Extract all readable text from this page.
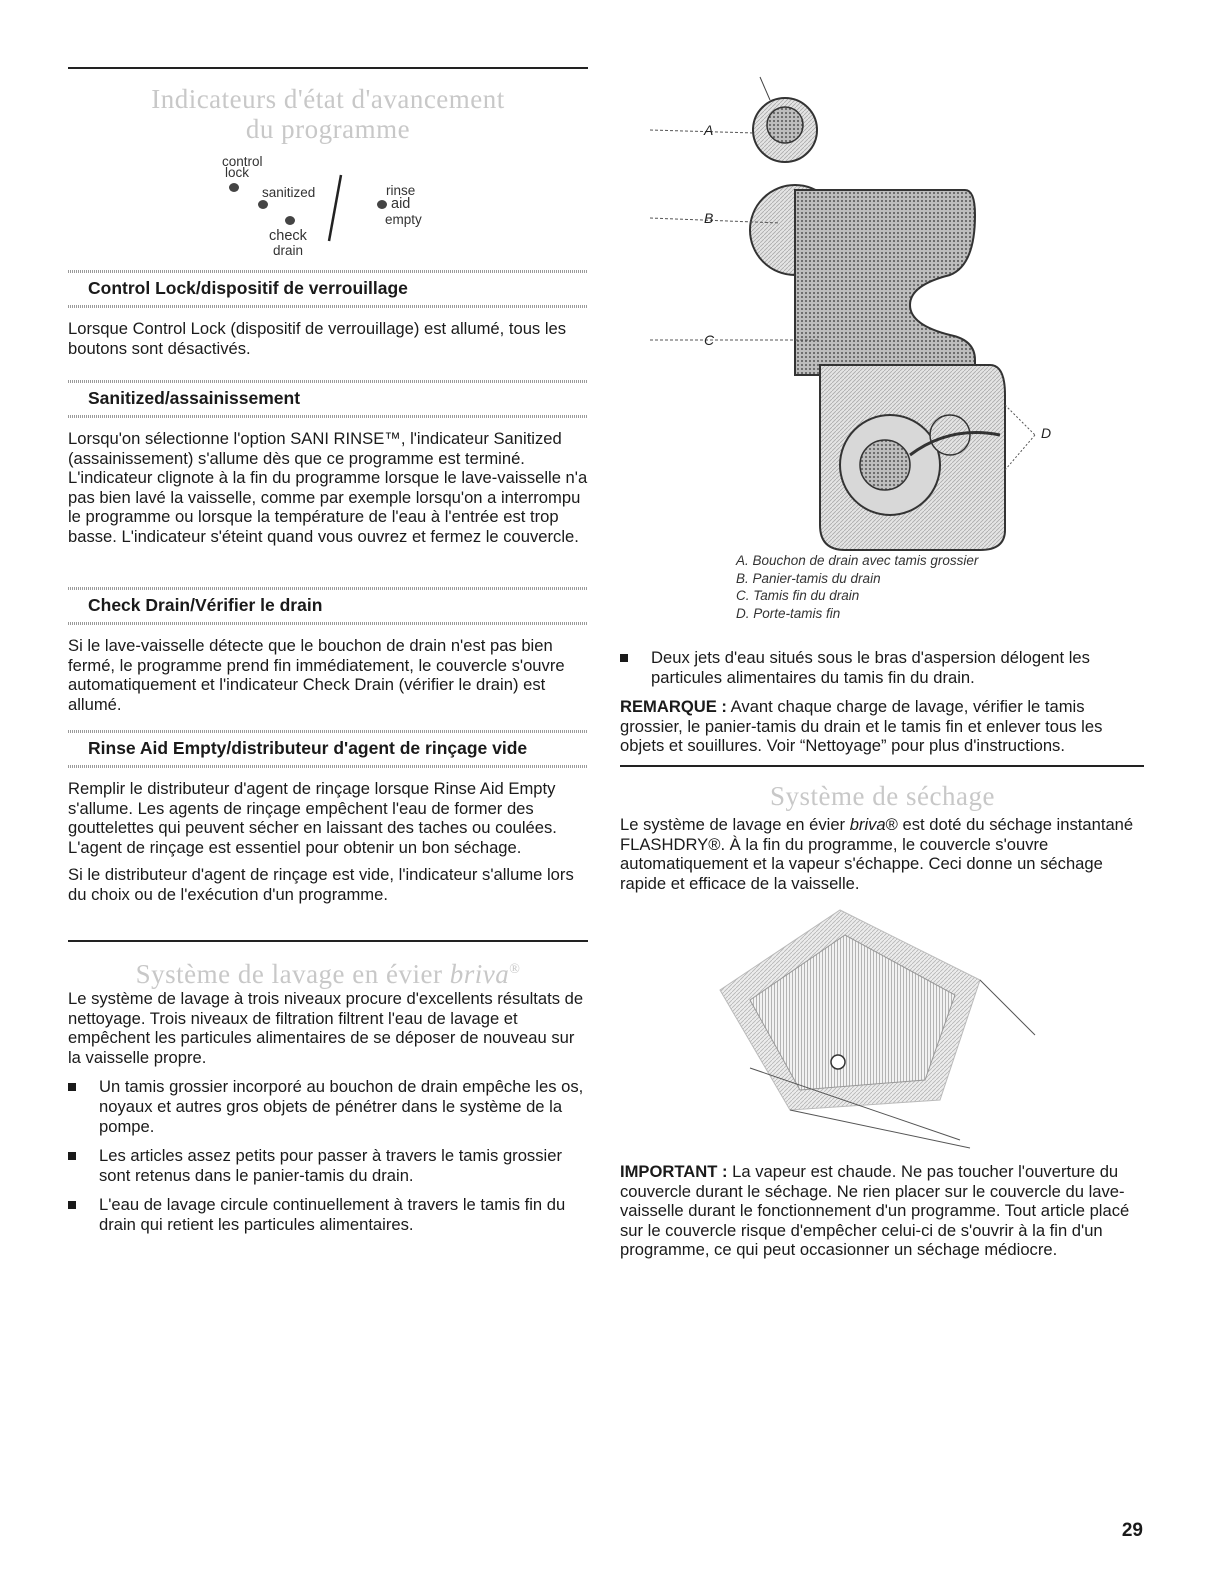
Indicateurs d'état d'avancement
du programme
control
lock
sanitized
check
drain
rinse
aid
empty
Control Lock/dispositif de verrouillage

Lorsque Control Lock (dispositif de verrouillage) est allumé, tous les boutons sont désactivés.

Sanitized/assainissement

Lorsqu'on sélectionne l'option SANI RINSE™, l'indicateur Sanitized (assainissement) s'allume dès que ce programme est terminé. L'indicateur clignote à la fin du programme lorsque le lave-vaisselle n'a pas bien lavé la vaisselle, comme par exemple lorsqu'on a interrompu le programme ou lorsque la température de l'eau à l'entrée est trop basse. L'indicateur s'éteint quand vous ouvrez et fermez le couvercle.

Check Drain/Vérifier le drain

Si le lave-vaisselle détecte que le bouchon de drain n'est pas bien fermé, le programme prend fin immédiatement, le couvercle s'ouvre automatiquement et l'indicateur Check Drain (vérifier le drain) est allumé.

Rinse Aid Empty/distributeur d'agent de rinçage vide

Remplir le distributeur d'agent de rinçage lorsque Rinse Aid Empty s'allume. Les agents de rinçage empêchent l'eau de former des gouttelettes qui peuvent sécher en laissant des taches ou coulées. L'agent de rinçage est essentiel pour obtenir un bon séchage.

Si le distributeur d'agent de rinçage est vide, l'indicateur s'allume lors du choix ou de l'exécution d'un programme.

Système de lavage en évier briva®

Le système de lavage à trois niveaux procure d'excellents résultats de nettoyage. Trois niveaux de filtration filtrent l'eau de lavage et empêchent les particules alimentaires de se déposer de nouveau sur la vaisselle propre.

Un tamis grossier incorporé au bouchon de drain empêche les os, noyaux et autres gros objets de pénétrer dans le système de la pompe.
Les articles assez petits pour passer à travers le tamis grossier sont retenus dans le panier-tamis du drain.
L'eau de lavage circule continuellement à travers le tamis fin du drain qui retient les particules alimentaires.
A
B
C
D
A. Bouchon de drain avec tamis grossier
B. Panier-tamis du drain
C. Tamis fin du drain
D. Porte-tamis fin
Deux jets d'eau situés sous le bras d'aspersion délogent les particules alimentaires du tamis fin du drain.

REMARQUE : Avant chaque charge de lavage, vérifier le tamis grossier, le panier-tamis du drain et le tamis fin et enlever tous les objets et souillures. Voir “Nettoyage” pour plus d'instructions.

Système de séchage

Le système de lavage en évier briva® est doté du séchage instantané FLASHDRY®. À la fin du programme, le couvercle s'ouvre automatiquement et la vapeur s'échappe. Ceci donne un séchage rapide et efficace de la vaisselle.

IMPORTANT : La vapeur est chaude. Ne pas toucher l'ouverture du couvercle durant le séchage. Ne rien placer sur le couvercle du lave-vaisselle durant le fonctionnement d'un programme. Tout article placé sur le couvercle risque d'empêcher celui-ci de s'ouvrir à la fin d'un programme, ce qui peut occasionner un séchage médiocre.

29
